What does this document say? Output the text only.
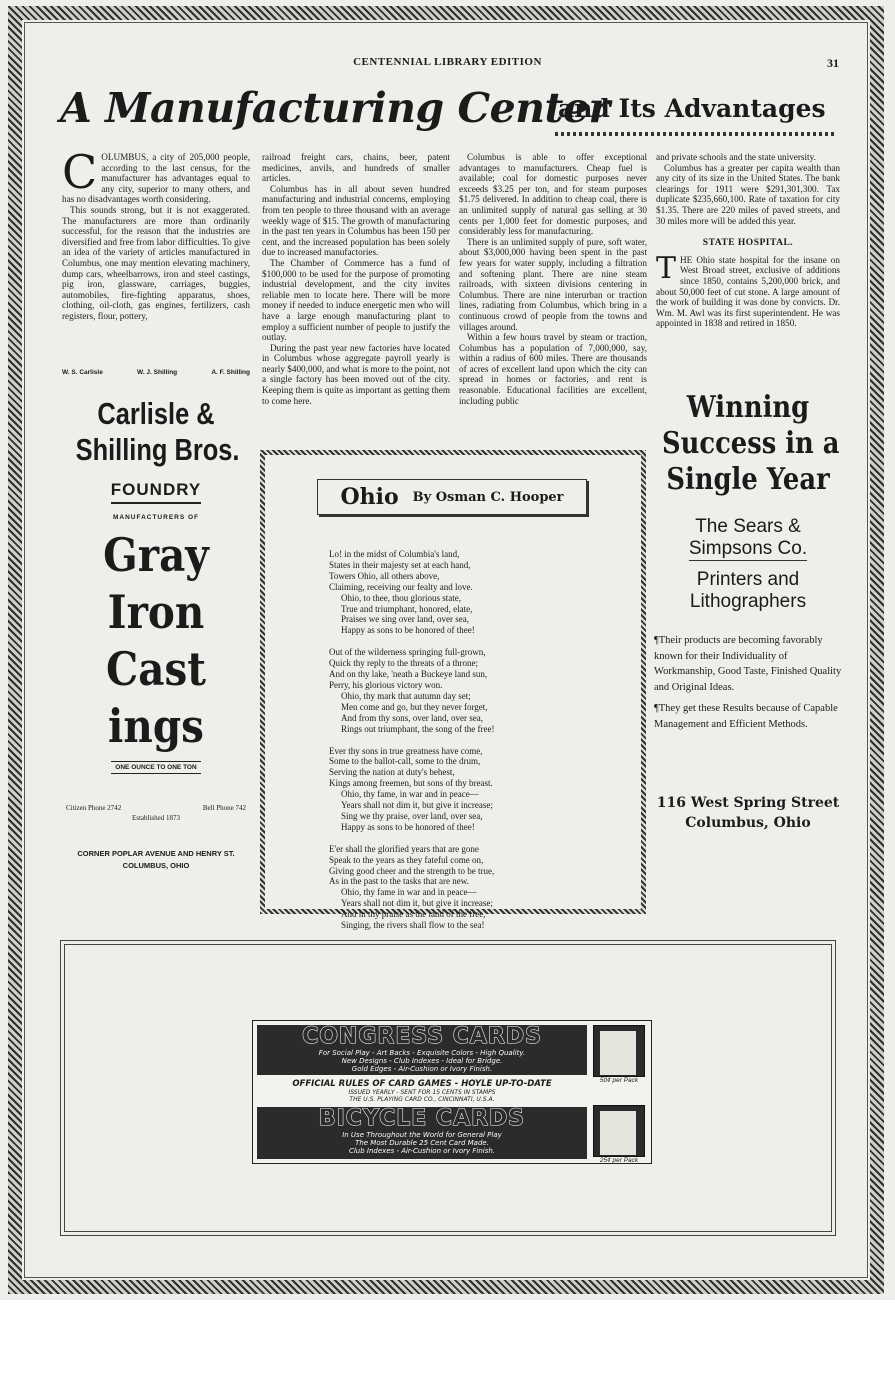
CENTENNIAL LIBRARY EDITION	31
A Manufacturing Center
and Its Advantages

COLUMBUS, a city of 205,000 people, according to the last census, for the manufacturer has advantages equal to any city, superior to many others, and has no disadvantages worth considering.

This sounds strong, but it is not exaggerated. The manufacturers are more than ordinarily successful, for the reason that the industries are diversified and free from labor difficulties. To give an idea of the variety of articles manufactured in Columbus, one may mention elevating machinery, dump cars, wheelbarrows, iron and steel castings, pig iron, glassware, carriages, buggies, automobiles, fire-fighting apparatus, shoes, clothing, oil-cloth, gas engines, fertilizers, cash registers, flour, pottery,

railroad freight cars, chains, beer, patent medicines, anvils, and hundreds of smaller articles.

Columbus has in all about seven hundred manufacturing and industrial concerns, employing from ten people to three thousand with an average weekly wage of $15. The growth of manufacturing in the past ten years in Columbus has been 150 per cent, and the increased population has been solely due to increased manufactories.

The Chamber of Commerce has a fund of $100,000 to be used for the purpose of promoting industrial development, and the city invites reliable men to locate here. There will be more money if needed to induce energetic men who will have a large enough manufacturing plant to employ a sufficient number of people to justify the outlay.

During the past year new factories have located in Columbus whose aggregate payroll yearly is nearly $400,000, and what is more to the point, not a single factory has been moved out of the city. Keeping them is quite as important as getting them to come here.

Columbus is able to offer exceptional advantages to manufacturers. Cheap fuel is available; coal for domestic purposes never exceeds $3.25 per ton, and for steam purposes $1.75 delivered. In addition to cheap coal, there is an unlimited supply of natural gas selling at 30 cents per 1,000 feet for domestic purposes, and considerably less for manufacturing.

There is an unlimited supply of pure, soft water, about $3,000,000 having been spent in the past few years for water supply, including a filtration and softening plant. There are nine steam railroads, with sixteen divisions centering in Columbus. There are nine interurban or traction lines, radiating from Columbus, which bring in a continuous crowd of people from the towns and villages around.

Within a few hours travel by steam or traction, Columbus has a population of 7,000,000, say, within a radius of 600 miles. There are thousands of acres of excellent land upon which the city can spread in homes or factories, and rent is reasonable. Educational facilities are excellent, including public

and private schools and the state university.

Columbus has a greater per capita wealth than any city of its size in the United States. The bank clearings for 1911 were $291,301,300. Tax duplicate $235,660,100. Rate of taxation for city $1.35. There are 220 miles of paved streets, and 30 miles more will be added this year.

STATE HOSPITAL.

THE Ohio state hospital for the insane on West Broad street, exclusive of additions since 1850, contains 5,200,000 brick, and about 50,000 feet of cut stone. A large amount of the work of building it was done by convicts. Dr. Wm. M. Awl was its first superintendent. He was appointed in 1838 and retired in 1850.

W. S. Carlisle	W. J. Shilling	A. F. Shilling
Carlisle &
Shilling Bros.
FOUNDRY
MANUFACTURERS OF
Gray
Iron
Cast
ings
ONE OUNCE TO ONE TON
Citizen Phone 2742	Bell Phone 742
Established 1873
CORNER POPLAR AVENUE AND HENRY ST.
COLUMBUS, OHIO
Ohio By Osman C. Hooper
Lo! in the midst of Columbia's land,
States in their majesty set at each hand,
Towers Ohio, all others above,
Claiming, receiving our fealty and love.
Ohio, to thee, thou glorious state,
True and triumphant, honored, elate,
Praises we sing over land, over sea,
Happy as sons to be honored of thee!
Out of the wilderness springing full-grown,
Quick thy reply to the threats of a throne;
And on thy lake, 'neath a Buckeye land sun,
Perry, his glorious victory won.
Ohio, thy mark that autumn day set;
Men come and go, but they never forget,
And from thy sons, over land, over sea,
Rings out triumphant, the song of the free!
Ever thy sons in true greatness have come,
Some to the ballot-call, some to the drum,
Serving the nation at duty's behest,
Kings among freemen, but sons of thy breast.
Ohio, thy fame, in war and in peace—
Years shall not dim it, but give it increase;
Sing we thy praise, over land, over sea,
Happy as sons to be honored of thee!
E'er shall the glorified years that are gone
Speak to the years as they fateful come on,
Giving good cheer and the strength to be true,
As in the past to the tasks that are new.
Ohio, thy fame in war and in peace—
Years shall not dim it, but give it increase;
And in thy praise as the land of the free,
Singing, the rivers shall flow to the sea!
Winning
Success in a
Single Year
The Sears &
Simpsons Co.
Printers and
Lithographers

¶Their products are becoming favorably known for their Individuality of Workmanship, Good Taste, Finished Quality and Original Ideas.

¶They get these Results because of Capable Management and Efficient Methods.

116 West Spring Street
Columbus, Ohio
CONGRESS CARDS
For Social Play - Art Backs - Exquisite Colors - High Quality.
New Designs - Club Indexes - Ideal for Bridge.
Gold Edges - Air-Cushion or Ivory Finish.
50¢ per Pack
OFFICIAL RULES OF CARD GAMES - HOYLE UP-TO-DATE
ISSUED YEARLY - SENT FOR 15 CENTS IN STAMPS
THE U.S. PLAYING CARD CO., CINCINNATI, U.S.A.
BICYCLE CARDS
In Use Throughout the World for General Play
The Most Durable 25 Cent Card Made.
Club Indexes - Air-Cushion or Ivory Finish.
25¢ per Pack
